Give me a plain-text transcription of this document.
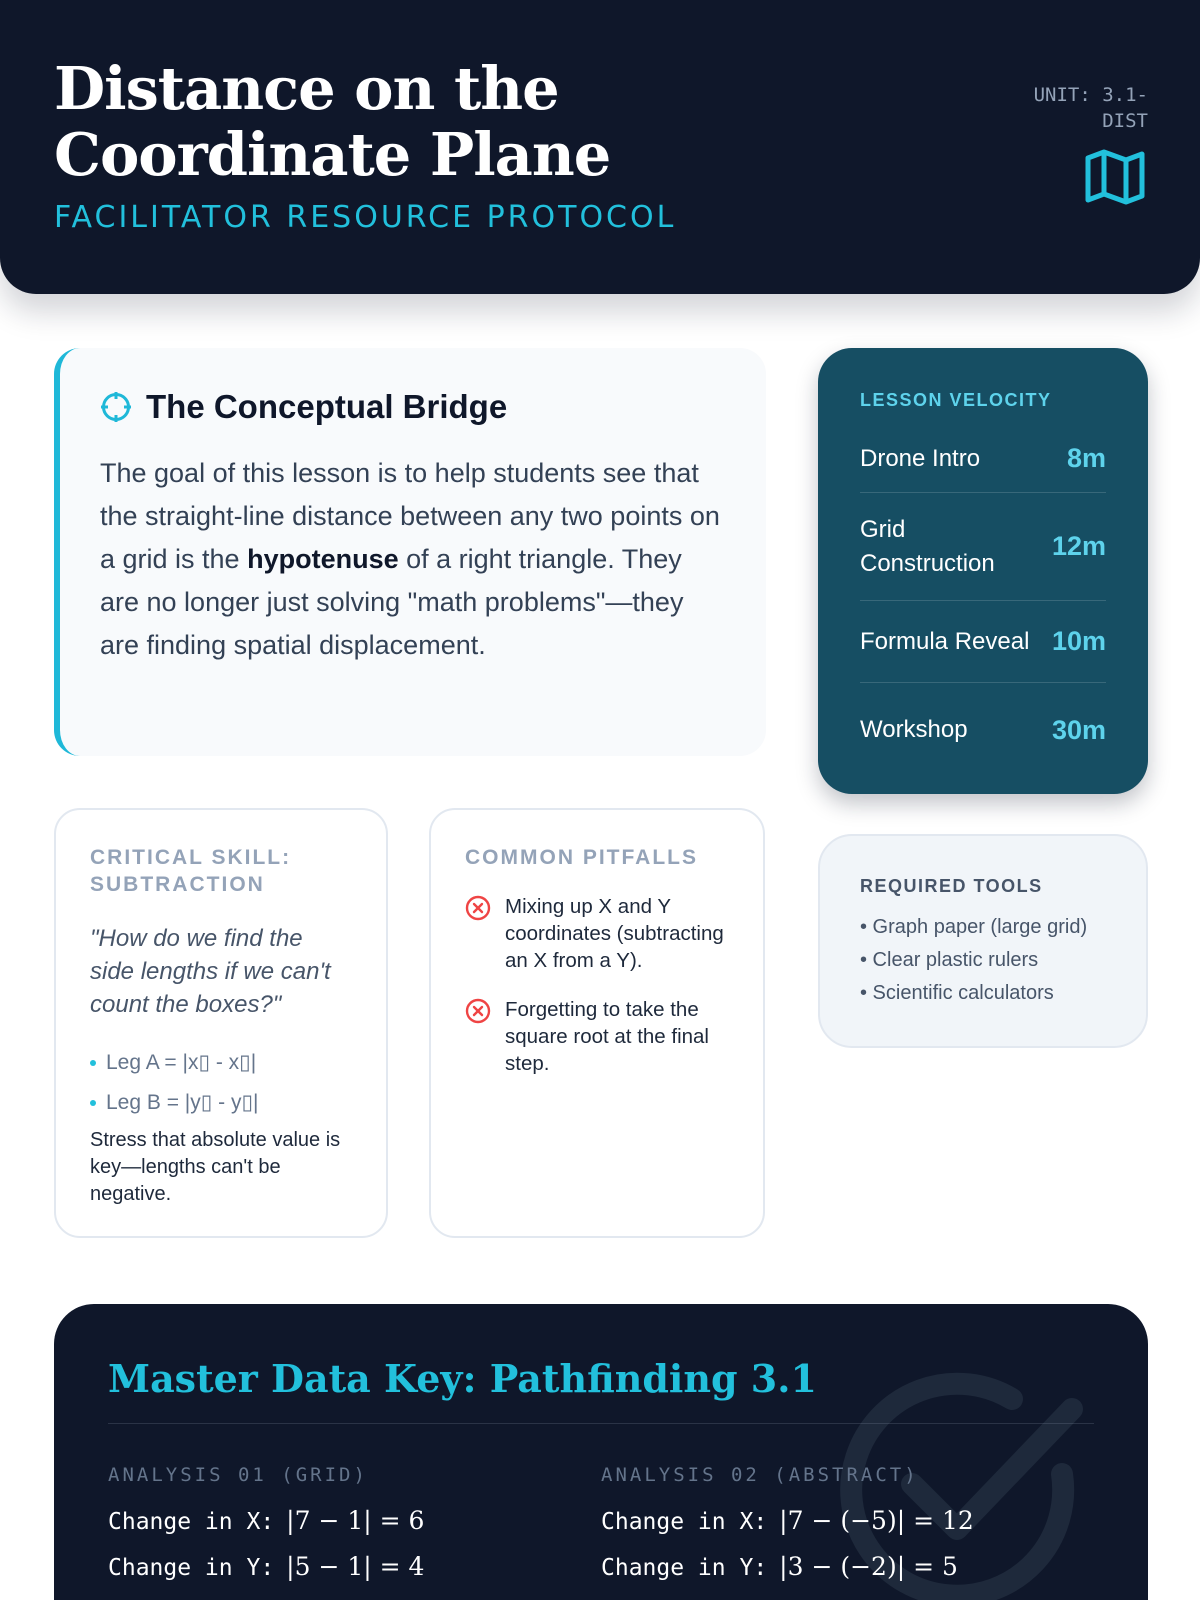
Distance on the Coordinate Plane
FACILITATOR RESOURCE PROTOCOL
UNIT: 3.1-DIST
The Conceptual Bridge

The goal of this lesson is to help students see that the straight-line distance between any two points on a grid is the hypotenuse of a right triangle. They are no longer just solving "math problems"—they are finding spatial displacement.

LESSON VELOCITY
Drone Intro	8m
Grid Construction
12m
Formula Reveal 10m
Workshop	30m
CRITICAL SKILL: SUBTRACTION

"How do we find the side lengths if we can't count the boxes?"

Leg A = |x▯ - x▯|
Leg B = |y▯ - y▯|

Stress that absolute value is key—lengths can't be negative.

COMMON PITFALLS
Mixing up X and Y coordinates (subtracting an X from a Y).
Forgetting to take the square root at the final step.
REQUIRED TOOLS
• Graph paper (large grid)
• Clear plastic rulers
• Scientific calculators
Master Data Key: Pathfinding 3.1
ANALYSIS 01 (GRID)
Change in X: |7 − 1| = 6
Change in Y: |5 − 1| = 4
ANALYSIS 02 (ABSTRACT)
Change in X: |7 − (−5)| = 12
Change in Y: |3 − (−2)| = 5
